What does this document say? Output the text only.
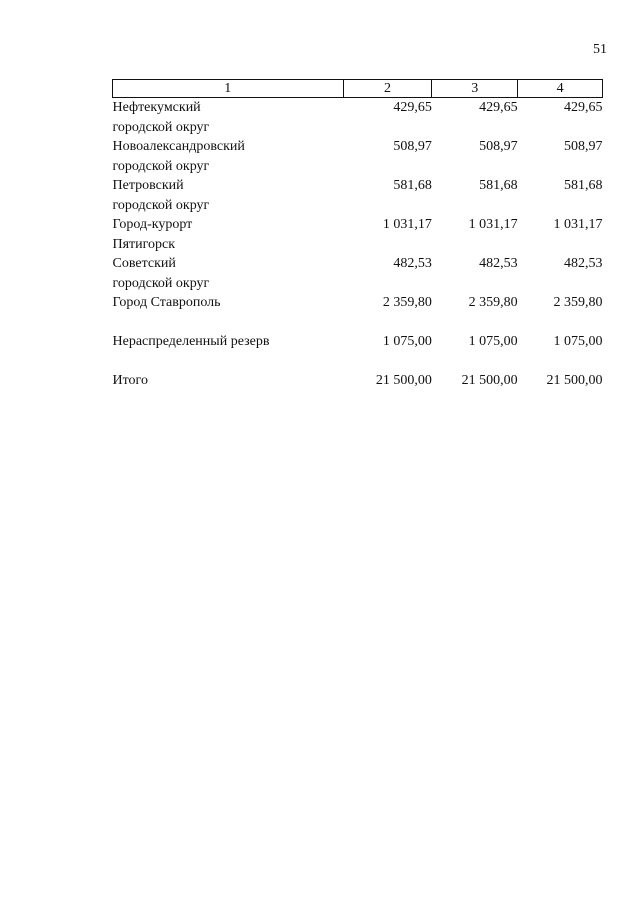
51
1	2	3	4

Нефтекумский
городской округ	429,65	429,65	429,65

Новоалександровский
городской округ	508,97	508,97	508,97

Петровский
городской округ	581,68	581,68	581,68

Город-курорт
Пятигорск	1 031,17	1 031,17	1 031,17

Советский
городской округ	482,53	482,53	482,53

Город Ставрополь	2 359,80	2 359,80	2 359,80

Нераспределенный резерв	1 075,00	1 075,00	1 075,00

Итого	21 500,00	21 500,00	21 500,00
